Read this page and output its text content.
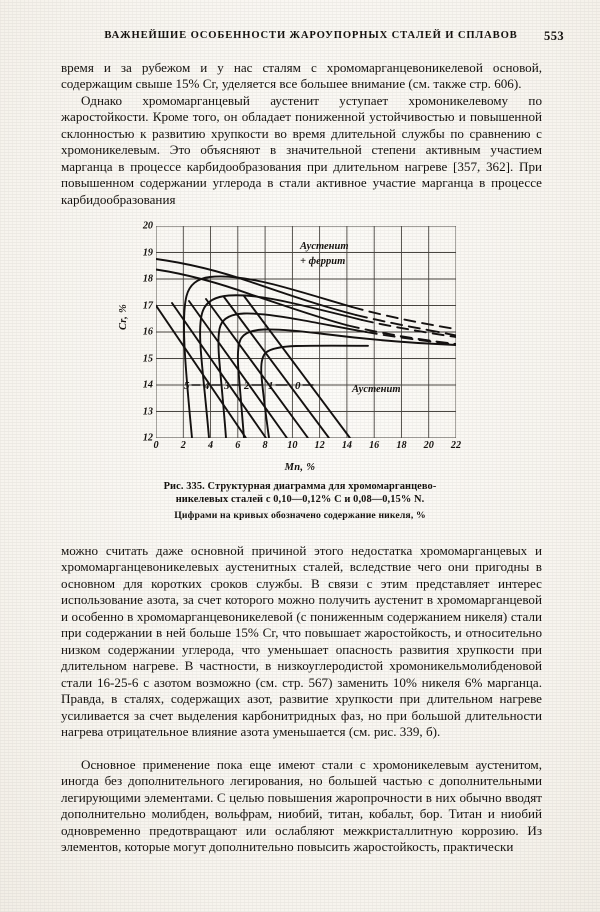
ВАЖНЕЙШИЕ ОСОБЕННОСТИ ЖАРОУПОРНЫХ СТАЛЕЙ И СПЛАВОВ	553

время и за рубежом и у нас сталям с хромомарганцевоникелевой основой, содержащим свыше 15% Cr, уделяется все большее внимание (см. также стр. 606).

Однако хромомарганцевый аустенит уступает хромоникелевому по жаростойкости. Кроме того, он обладает пониженной устойчивостью и повышенной склонностью к развитию хрупкости во время длительной службы по сравнению с хромоникелевым. Это объясняют в значительной степени активным участием марганца в процессе карбидообразования при длительном нагреве [357, 362]. При повышенном содержании углерода в стали активное участие марганца в процессе карбидообразования

Cr, %
Mn, %
12
13
14
15
16
17
18
19
20
0 2 4 6 8 10 12 14 16 18 20 22
5 4 3 2 1 0
Аустенит
+ феррит
Аустенит
Рис. 335. Структурная диаграмма для хромомарганцево-
никелевых сталей с 0,10—0,12% C и 0,08—0,15% N.
Цифрами на кривых обозначено содержание никеля, %

можно считать даже основной причиной этого недостатка хромомарганцевых и хромомарганцевоникелевых аустенитных сталей, вследствие чего они пригодны в основном для коротких сроков службы. В связи с этим представляет интерес использование азота, за счет которого можно получить аустенит в хромомарганцевой и особенно в хромомарганцевоникелевой (с пониженным содержанием никеля) стали при содержании в ней больше 15% Cr, что повышает жаростойкость, и относительно низком содержании углерода, что уменьшает опасность развития хрупкости при длительном нагреве. В частности, в низкоуглеродистой хромоникельмолибденовой стали 16-25-6 с азотом возможно (см. стр. 567) заменить 10% никеля 6% марганца. Правда, в сталях, содержащих азот, развитие хрупкости при длительном нагреве усиливается за счет выделения карбонитридных фаз, но при большой длительности нагрева отрицательное влияние азота уменьшается (см. рис. 339, б).

Основное применение пока еще имеют стали с хромоникелевым аустенитом, иногда без дополнительного легирования, но большей частью с дополнительными легирующими элементами. С целью повышения жаропрочности в них обычно вводят дополнительно молибден, вольфрам, ниобий, титан, кобальт, бор. Титан и ниобий одновременно предотвращают или ослабляют межкристаллитную коррозию. Из элементов, которые могут дополнительно повысить жаростойкость, практически
